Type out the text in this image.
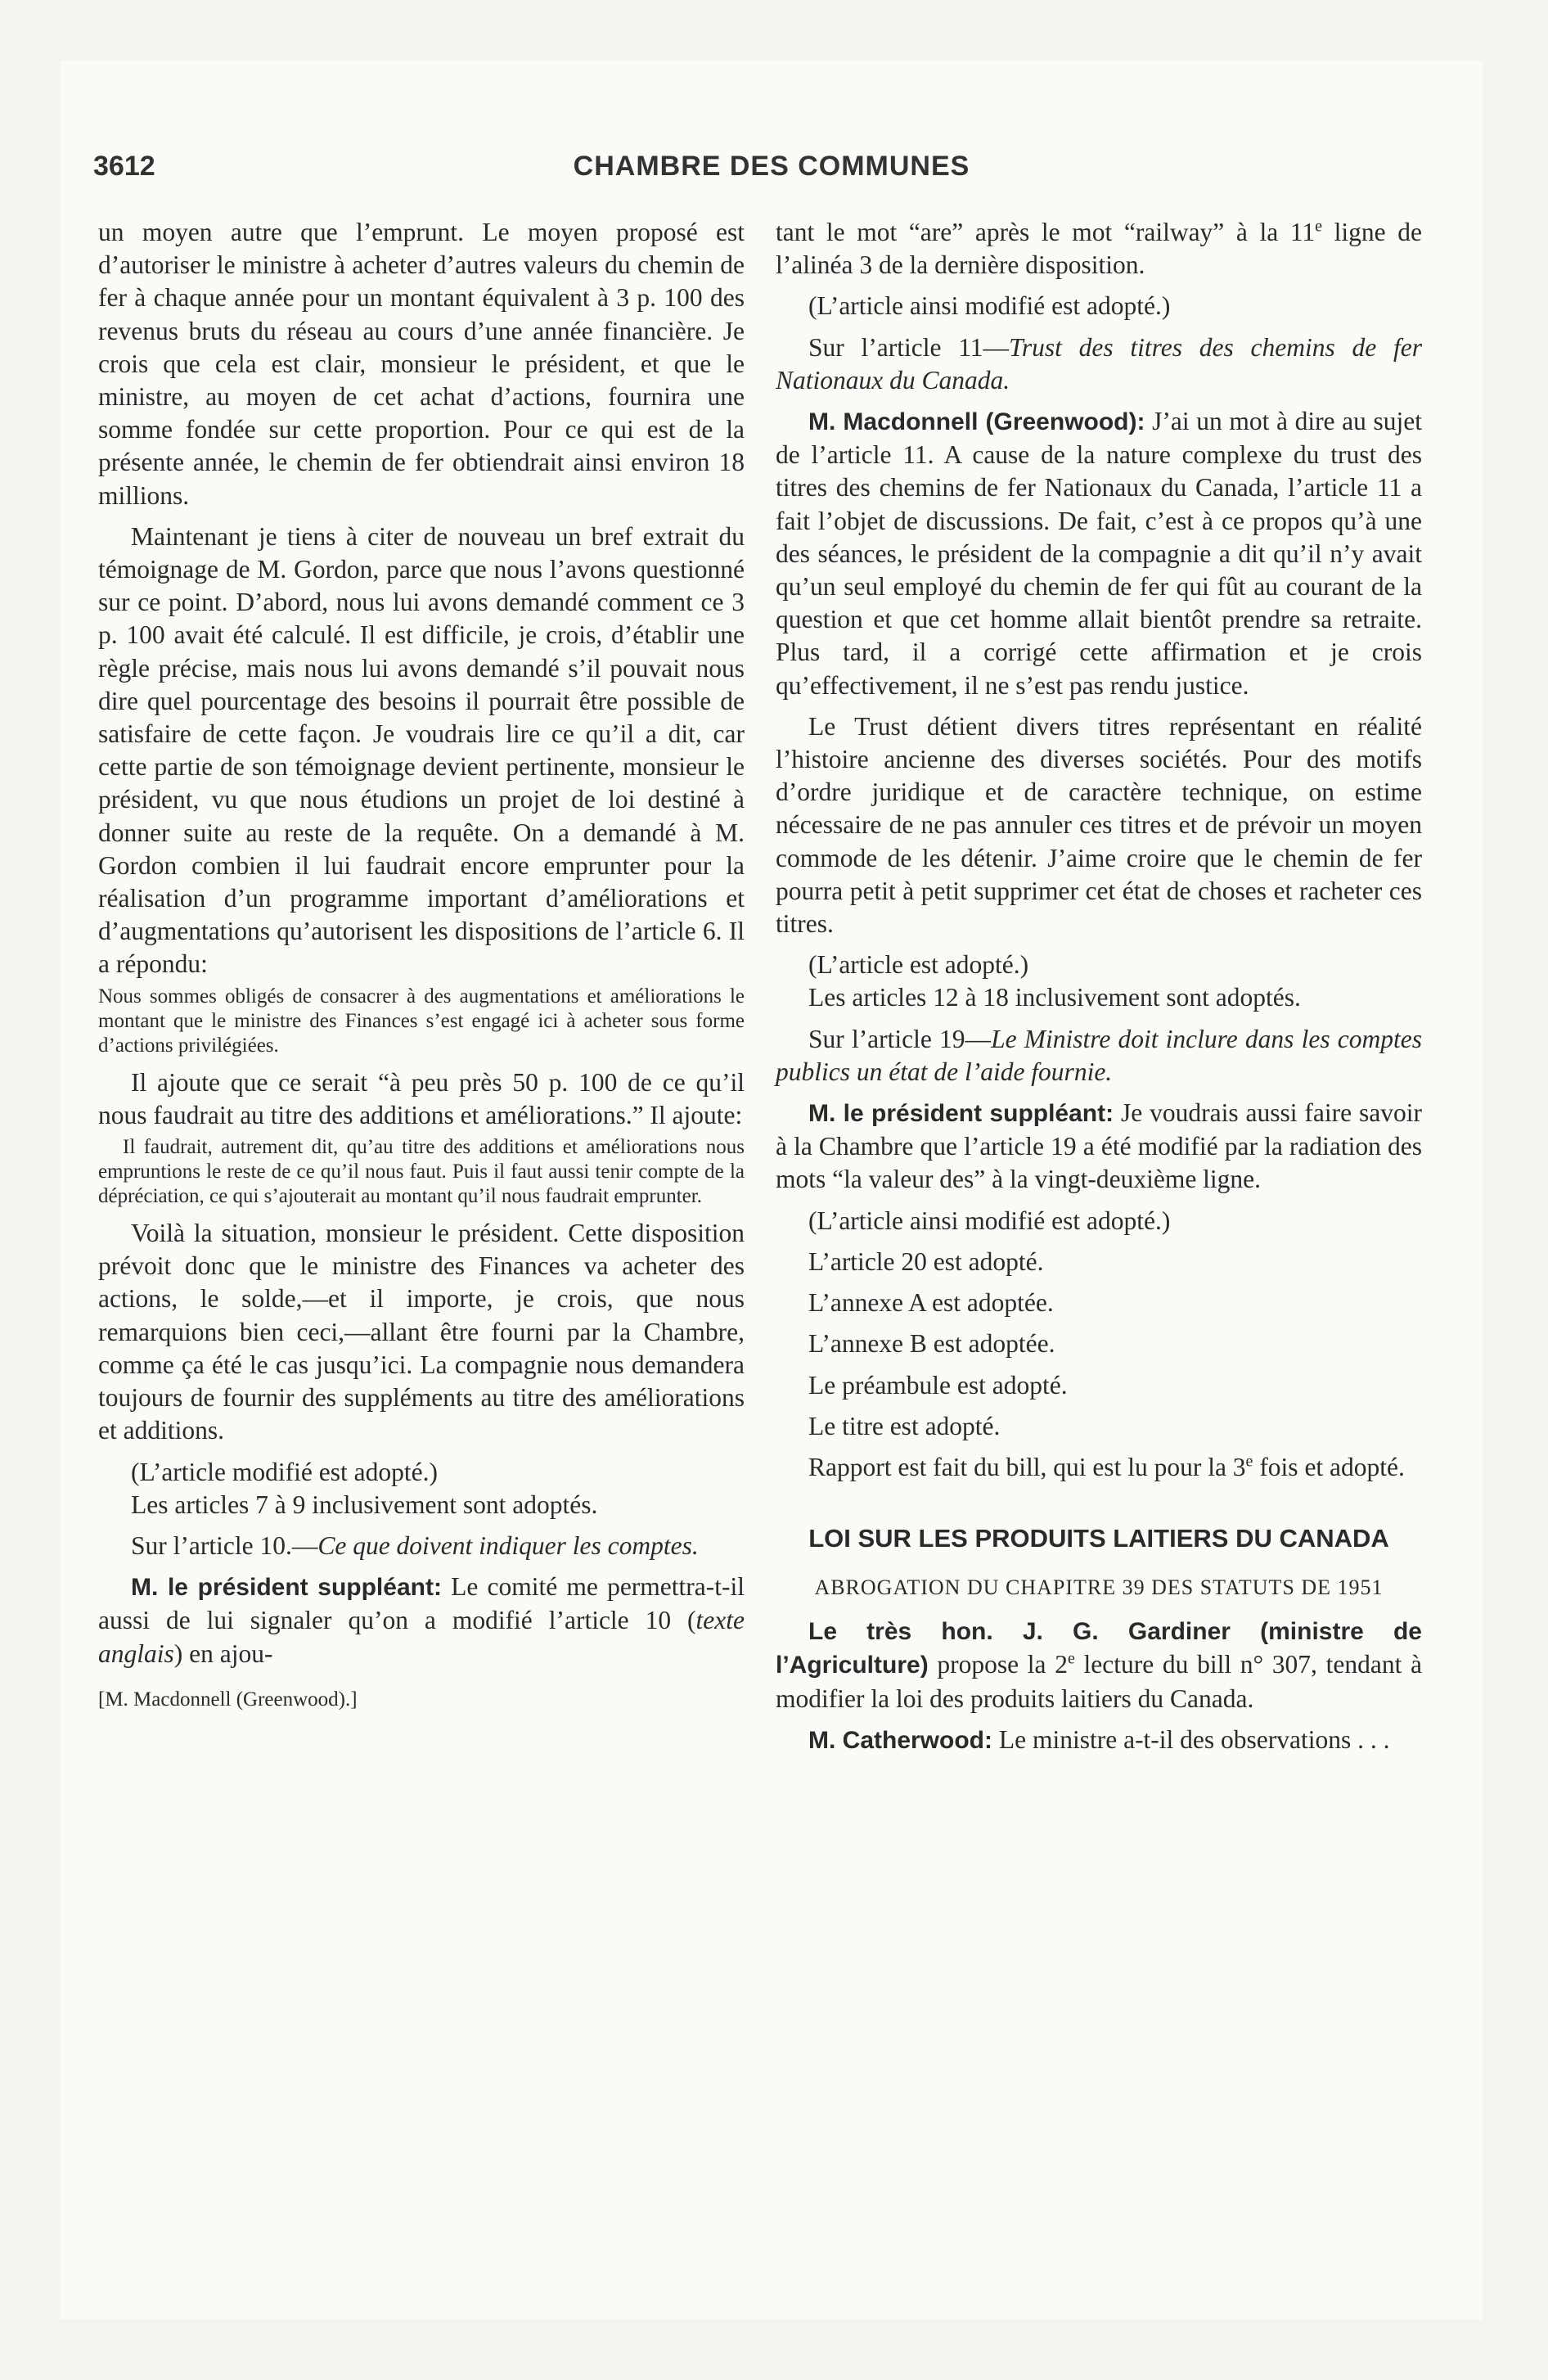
3612	CHAMBRE DES COMMUNES

un moyen autre que l’emprunt. Le moyen proposé est d’autoriser le ministre à acheter d’autres valeurs du chemin de fer à chaque année pour un montant équivalent à 3 p. 100 des revenus bruts du réseau au cours d’une année financière. Je crois que cela est clair, monsieur le président, et que le ministre, au moyen de cet achat d’actions, fournira une somme fondée sur cette proportion. Pour ce qui est de la présente année, le chemin de fer obtiendrait ainsi environ 18 millions.

Maintenant je tiens à citer de nouveau un bref extrait du témoignage de M. Gordon, parce que nous l’avons questionné sur ce point. D’abord, nous lui avons demandé comment ce 3 p. 100 avait été calculé. Il est difficile, je crois, d’établir une règle précise, mais nous lui avons demandé s’il pouvait nous dire quel pourcentage des besoins il pourrait être possible de satisfaire de cette façon. Je voudrais lire ce qu’il a dit, car cette partie de son témoignage devient pertinente, monsieur le président, vu que nous étudions un projet de loi destiné à donner suite au reste de la requête. On a demandé à M. Gordon combien il lui faudrait encore emprunter pour la réalisation d’un programme important d’améliorations et d’augmentations qu’autorisent les dispositions de l’article 6. Il a répondu:

Nous sommes obligés de consacrer à des augmentations et améliorations le montant que le ministre des Finances s’est engagé ici à acheter sous forme d’actions privilégiées.

Il ajoute que ce serait “à peu près 50 p. 100 de ce qu’il nous faudrait au titre des additions et améliorations.” Il ajoute:

Il faudrait, autrement dit, qu’au titre des additions et améliorations nous empruntions le reste de ce qu’il nous faut. Puis il faut aussi tenir compte de la dépréciation, ce qui s’ajouterait au montant qu’il nous faudrait emprunter.

Voilà la situation, monsieur le président. Cette disposition prévoit donc que le ministre des Finances va acheter des actions, le solde,—et il importe, je crois, que nous remarquions bien ceci,—allant être fourni par la Chambre, comme ça été le cas jusqu’ici. La compagnie nous demandera toujours de fournir des suppléments au titre des améliorations et additions.

(L’article modifié est adopté.)

Les articles 7 à 9 inclusivement sont adoptés.

Sur l’article 10.—Ce que doivent indiquer les comptes.

M. le président suppléant: Le comité me permettra-t-il aussi de lui signaler qu’on a modifié l’article 10 (texte anglais) en ajou-

[M. Macdonnell (Greenwood).]

tant le mot “are” après le mot “railway” à la 11e ligne de l’alinéa 3 de la dernière disposition.

(L’article ainsi modifié est adopté.)

Sur l’article 11—Trust des titres des chemins de fer Nationaux du Canada.

M. Macdonnell (Greenwood): J’ai un mot à dire au sujet de l’article 11. A cause de la nature complexe du trust des titres des chemins de fer Nationaux du Canada, l’article 11 a fait l’objet de discussions. De fait, c’est à ce propos qu’à une des séances, le président de la compagnie a dit qu’il n’y avait qu’un seul employé du chemin de fer qui fût au courant de la question et que cet homme allait bientôt prendre sa retraite. Plus tard, il a corrigé cette affirmation et je crois qu’effectivement, il ne s’est pas rendu justice.

Le Trust détient divers titres représentant en réalité l’histoire ancienne des diverses sociétés. Pour des motifs d’ordre juridique et de caractère technique, on estime nécessaire de ne pas annuler ces titres et de prévoir un moyen commode de les détenir. J’aime croire que le chemin de fer pourra petit à petit supprimer cet état de choses et racheter ces titres.

(L’article est adopté.)

Les articles 12 à 18 inclusivement sont adoptés.

Sur l’article 19—Le Ministre doit inclure dans les comptes publics un état de l’aide fournie.

M. le président suppléant: Je voudrais aussi faire savoir à la Chambre que l’article 19 a été modifié par la radiation des mots “la valeur des” à la vingt-deuxième ligne.

(L’article ainsi modifié est adopté.)

L’article 20 est adopté.

L’annexe A est adoptée.

L’annexe B est adoptée.

Le préambule est adopté.

Le titre est adopté.

Rapport est fait du bill, qui est lu pour la 3e fois et adopté.

LOI SUR LES PRODUITS LAITIERS DU CANADA

ABROGATION DU CHAPITRE 39 DES STATUTS DE 1951

Le très hon. J. G. Gardiner (ministre de l’Agriculture) propose la 2e lecture du bill n° 307, tendant à modifier la loi des produits laitiers du Canada.

M. Catherwood: Le ministre a-t-il des observations . . .
